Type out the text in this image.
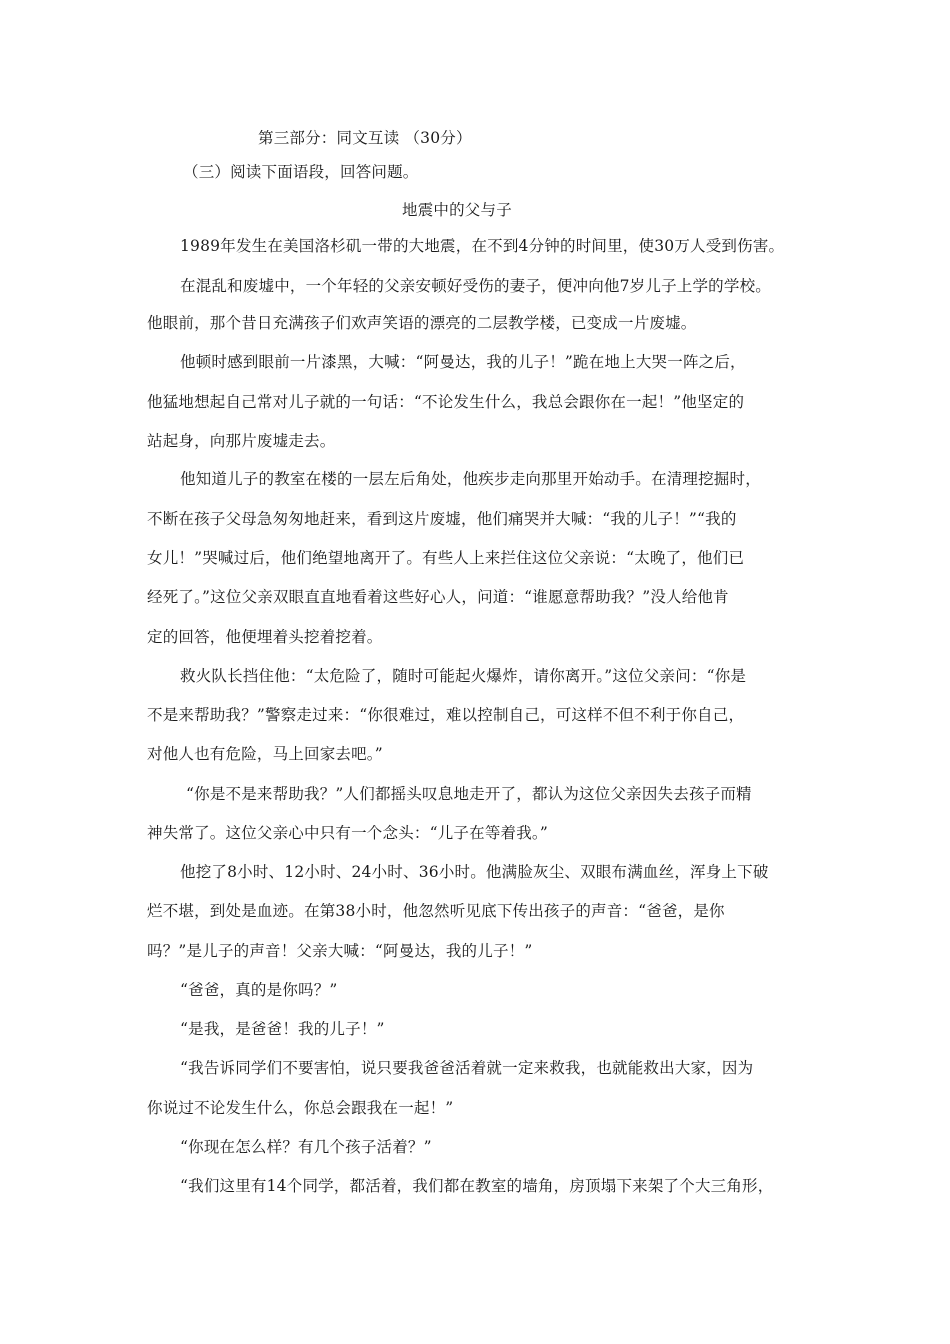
第三部分：同文互读 （30分）
（三）阅读下面语段，回答问题。
地震中的父与子
1989年发生在美国洛杉矶一带的大地震，在不到4分钟的时间里，使30万人受到伤害。
在混乱和废墟中，一个年轻的父亲安顿好受伤的妻子，便冲向他7岁儿子上学的学校。
他眼前，那个昔日充满孩子们欢声笑语的漂亮的二层教学楼，已变成一片废墟。
他顿时感到眼前一片漆黑，大喊：“阿曼达，我的儿子！”跪在地上大哭一阵之后，
他猛地想起自己常对儿子就的一句话：“不论发生什么，我总会跟你在一起！”他坚定的
站起身，向那片废墟走去。
他知道儿子的教室在楼的一层左后角处，他疾步走向那里开始动手。在清理挖掘时，
不断在孩子父母急匆匆地赶来，看到这片废墟，他们痛哭并大喊：“我的儿子！”“我的
女儿！”哭喊过后，他们绝望地离开了。有些人上来拦住这位父亲说：“太晚了，他们已
经死了。”这位父亲双眼直直地看着这些好心人，问道：“谁愿意帮助我？”没人给他肯
定的回答，他便埋着头挖着挖着。
救火队长挡住他：“太危险了，随时可能起火爆炸，请你离开。”这位父亲问：“你是
不是来帮助我？”警察走过来：“你很难过，难以控制自己，可这样不但不利于你自己，
对他人也有危险，马上回家去吧。”
“你是不是来帮助我？”人们都摇头叹息地走开了，都认为这位父亲因失去孩子而精
神失常了。这位父亲心中只有一个念头：“儿子在等着我。”
他挖了8小时、12小时、24小时、36小时。他满脸灰尘、双眼布满血丝，浑身上下破
烂不堪，到处是血迹。在第38小时，他忽然听见底下传出孩子的声音：“爸爸，是你
吗？”是儿子的声音！父亲大喊：“阿曼达，我的儿子！”
“爸爸，真的是你吗？”
“是我，是爸爸！我的儿子！”
“我告诉同学们不要害怕，说只要我爸爸活着就一定来救我，也就能救出大家，因为
你说过不论发生什么，你总会跟我在一起！”
“你现在怎么样？有几个孩子活着？”
“我们这里有14个同学，都活着，我们都在教室的墙角，房顶塌下来架了个大三角形，
